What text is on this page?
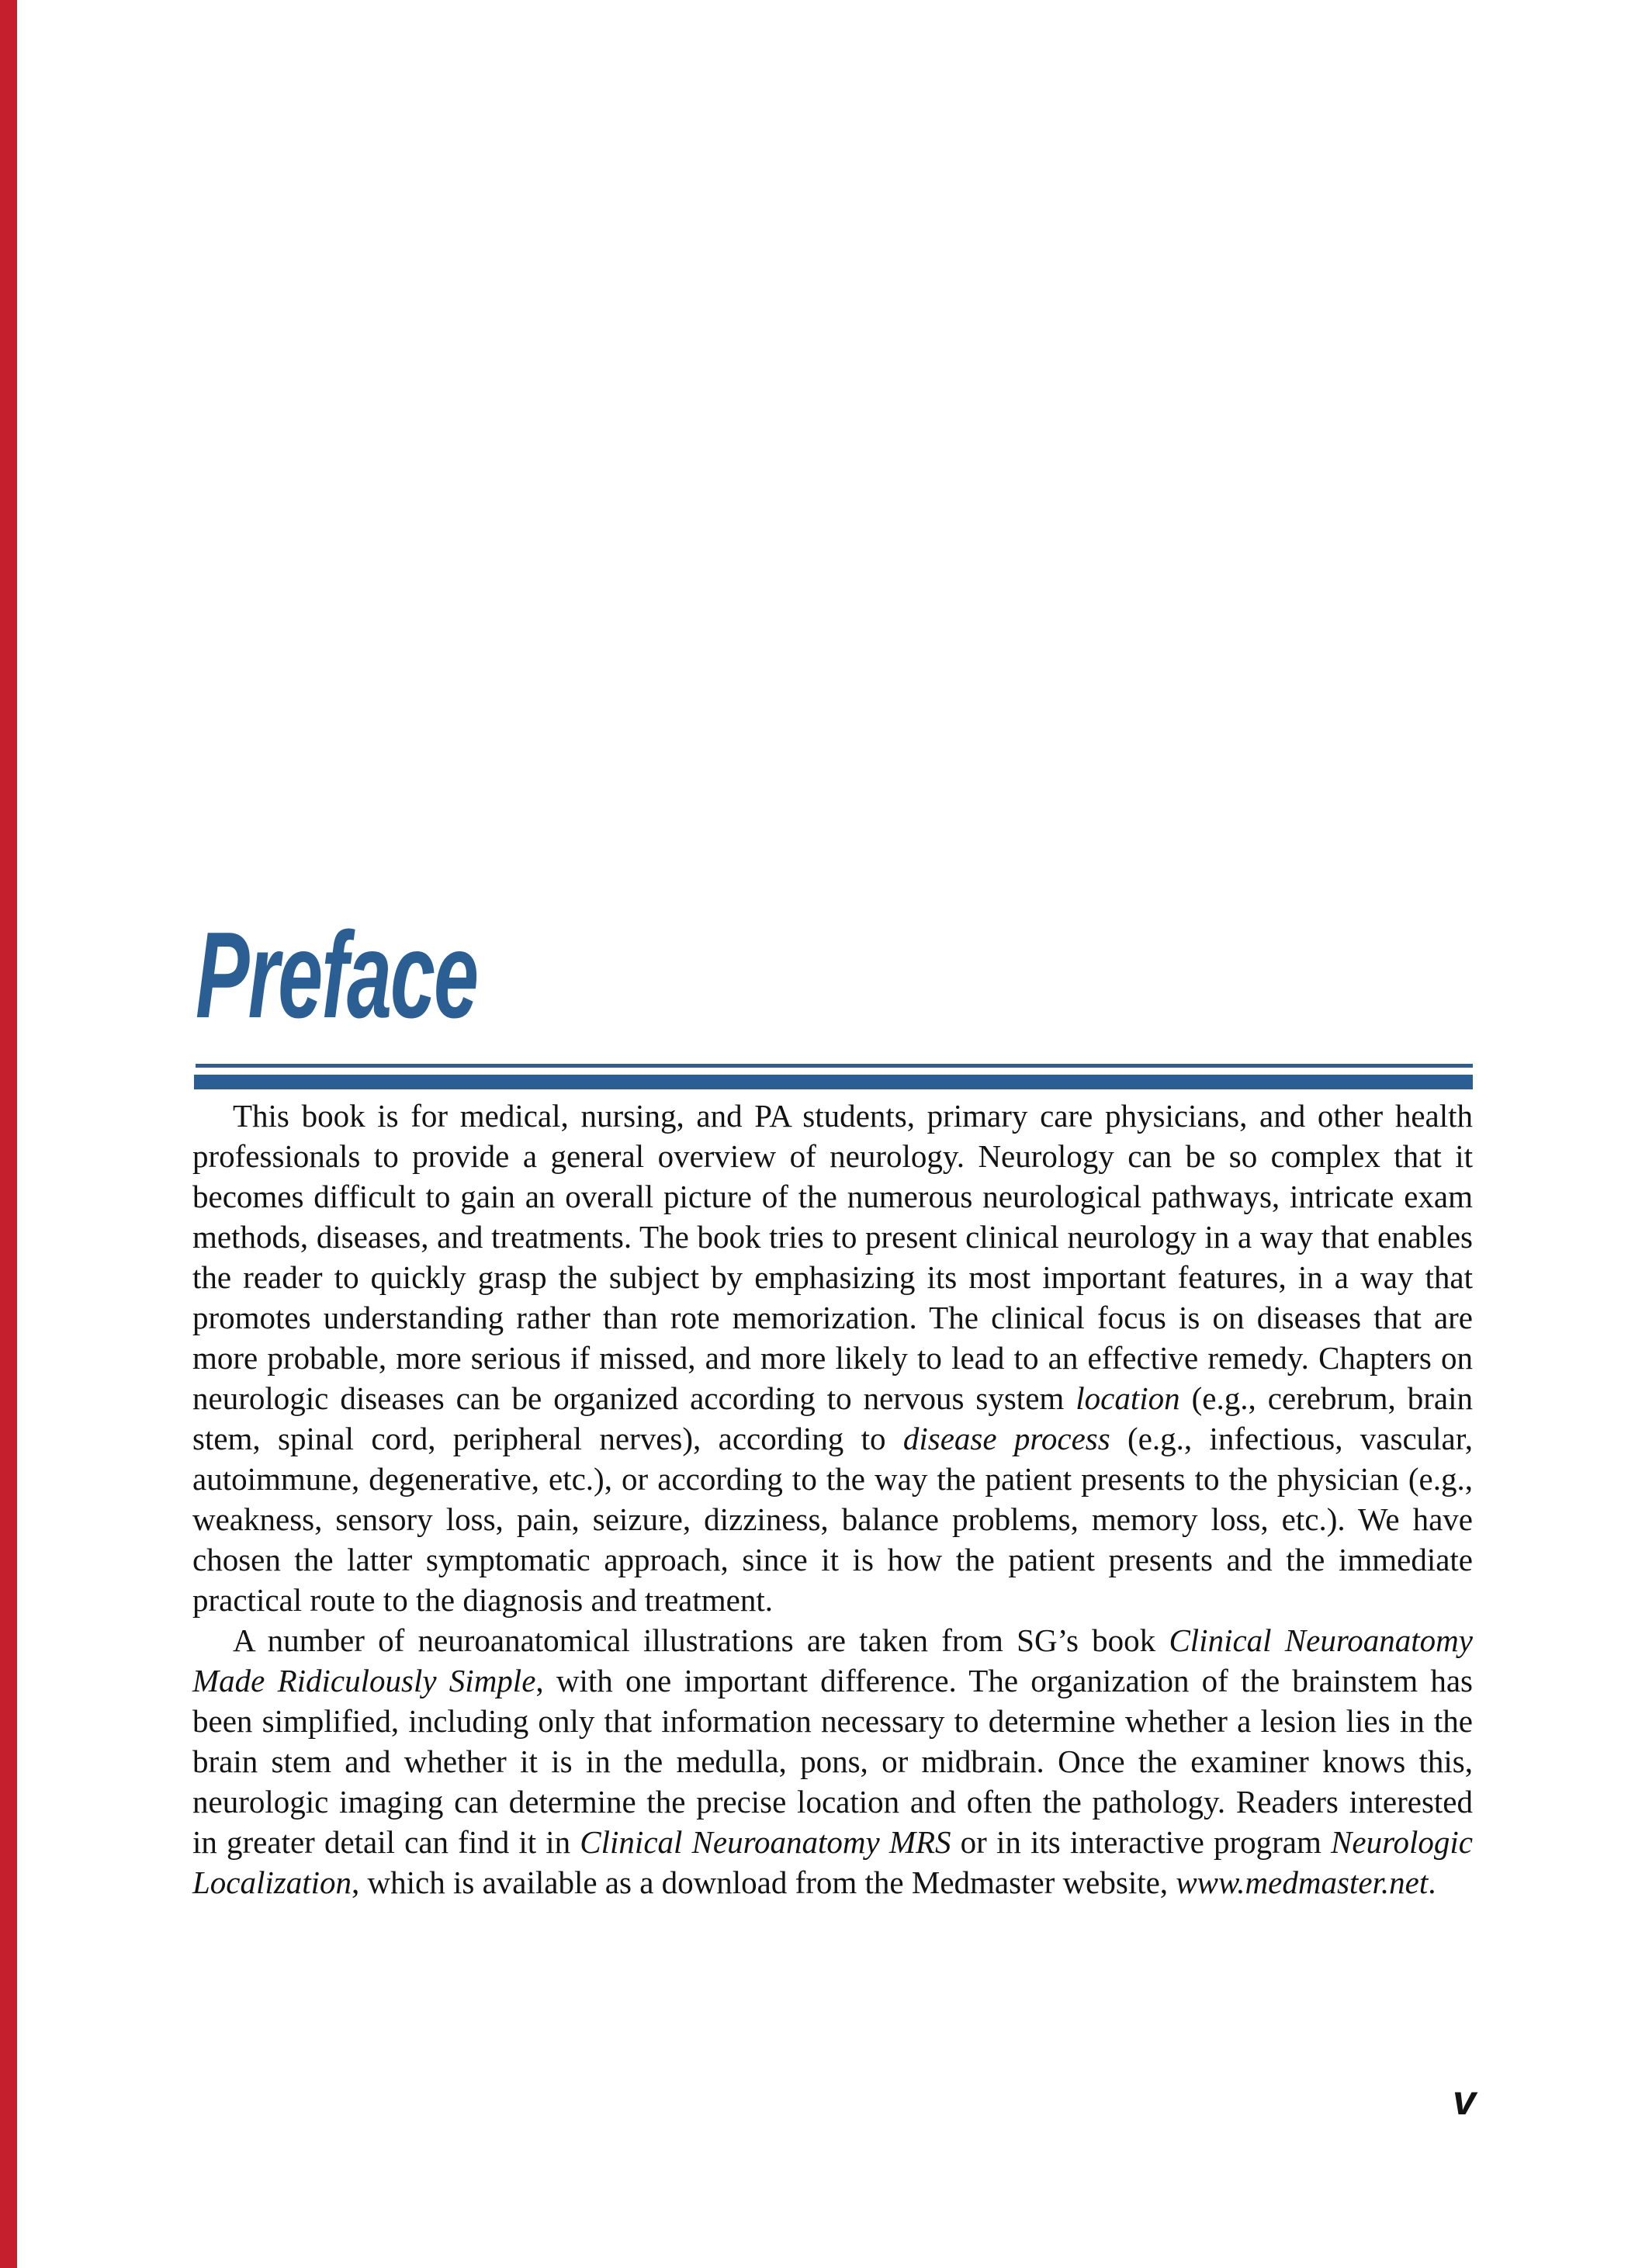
Preface

This book is for medical, nursing, and PA students, primary care physicians, and other health professionals to provide a general overview of neurology. Neurology can be so complex that it becomes difficult to gain an overall picture of the numerous neurological pathways, intricate exam methods, diseases, and treatments. The book tries to present clinical neurology in a way that enables the reader to quickly grasp the subject by emphasizing its most important features, in a way that promotes understanding rather than rote memorization. The clinical focus is on diseases that are more probable, more serious if missed, and more likely to lead to an effective remedy. Chapters on neurologic diseases can be organized according to nervous system location (e.g., cerebrum, brain stem, spinal cord, peripheral nerves), according to disease process (e.g., infectious, vascular, autoimmune, degenerative, etc.), or according to the way the patient presents to the physician (e.g., weakness, sensory loss, pain, seizure, dizziness, balance problems, memory loss, etc.). We have chosen the latter symptomatic approach, since it is how the patient presents and the immediate practical route to the diagnosis and treatment.

A number of neuroanatomical illustrations are taken from SG’s book Clinical Neuroanatomy Made Ridiculously Simple, with one important difference. The organization of the brainstem has been simplified, including only that information necessary to determine whether a lesion lies in the brain stem and whether it is in the medulla, pons, or midbrain. Once the examiner knows this, neurologic imaging can determine the precise location and often the pathology. Readers interested in greater detail can find it in Clinical Neuroanatomy MRS or in its interactive program Neurologic Localization, which is available as a download from the Medmaster website, www.medmaster.net.

v
